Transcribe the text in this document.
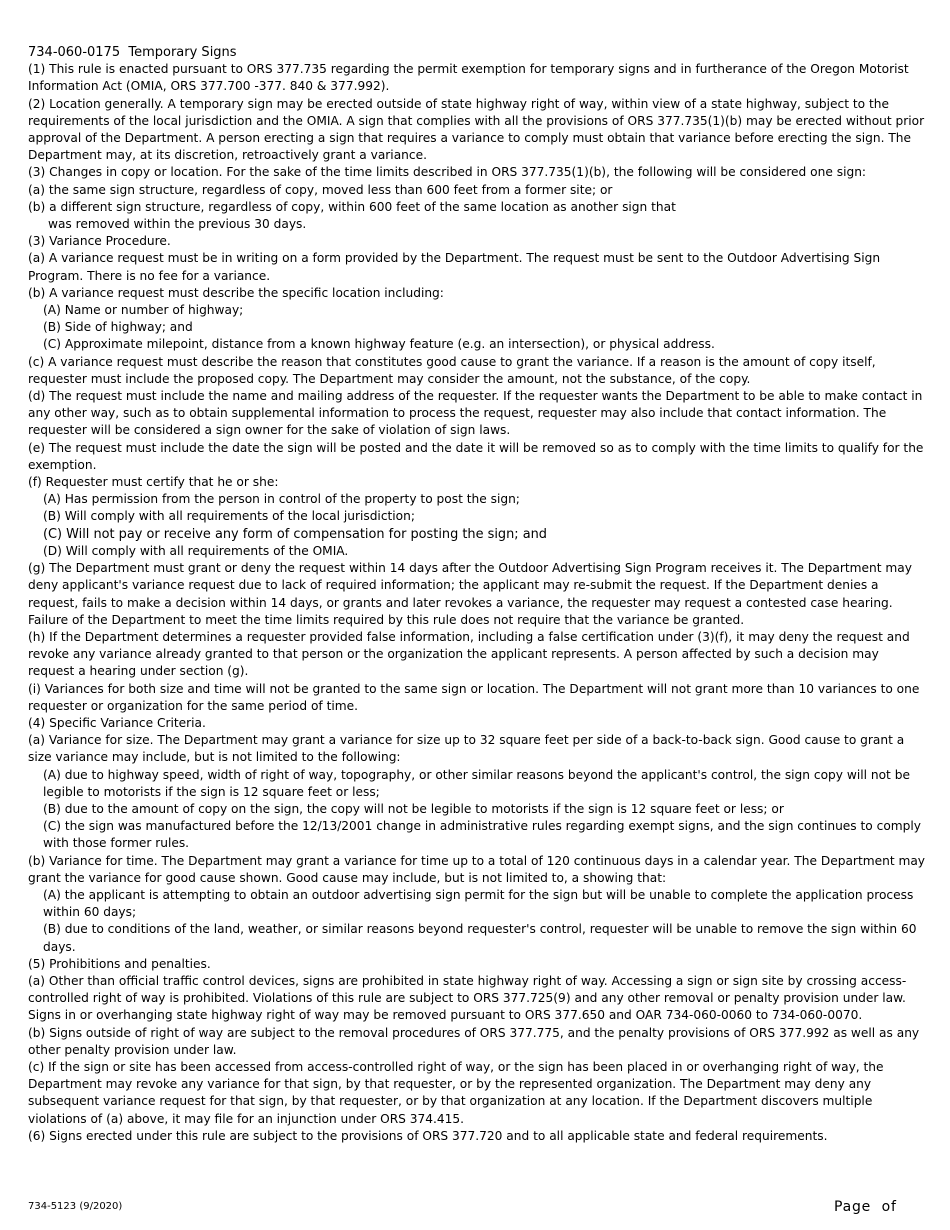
734-060-0175  Temporary Signs

(1) This rule is enacted pursuant to ORS 377.735 regarding the permit exemption for temporary signs and in furtherance of the Oregon Motorist Information Act (OMIA, ORS 377.700 -377. 840 & 377.992).

(2) Location generally. A temporary sign may be erected outside of state highway right of way, within view of a state highway, subject to the requirements of the local jurisdiction and the OMIA. A sign that complies with all the provisions of ORS 377.735(1)(b) may be erected without prior approval of the Department. A person erecting a sign that requires a variance to comply must obtain that variance before erecting the sign. The Department may, at its discretion, retroactively grant a variance.

(3) Changes in copy or location. For the sake of the time limits described in ORS 377.735(1)(b), the following will be considered one sign:

(a) the same sign structure, regardless of copy, moved less than 600 feet from a former site; or

(b) a different sign structure, regardless of copy, within 600 feet of the same location as another sign that

was removed within the previous 30 days.

(3) Variance Procedure.

(a) A variance request must be in writing on a form provided by the Department. The request must be sent to the Outdoor Advertising Sign Program. There is no fee for a variance.

(b) A variance request must describe the specific location including:

(A) Name or number of highway;

(B) Side of highway; and

(C) Approximate milepoint, distance from a known highway feature (e.g. an intersection), or physical address.

(c) A variance request must describe the reason that constitutes good cause to grant the variance. If a reason is the amount of copy itself, requester must include the proposed copy. The Department may consider the amount, not the substance, of the copy.

(d) The request must include the name and mailing address of the requester. If the requester wants the Department to be able to make contact in any other way, such as to obtain supplemental information to process the request, requester may also include that contact information. The requester will be considered a sign owner for the sake of violation of sign laws.

(e) The request must include the date the sign will be posted and the date it will be removed so as to comply with the time limits to qualify for the exemption.

(f) Requester must certify that he or she:

(A) Has permission from the person in control of the property to post the sign;

(B) Will comply with all requirements of the local jurisdiction;

(C) Will not pay or receive any form of compensation for posting the sign; and

(D) Will comply with all requirements of the OMIA.

(g) The Department must grant or deny the request within 14 days after the Outdoor Advertising Sign Program receives it. The Department may deny applicant's variance request due to lack of required information; the applicant may re-submit the request. If the Department denies a request, fails to make a decision within 14 days, or grants and later revokes a variance, the requester may request a contested case hearing. Failure of the Department to meet the time limits required by this rule does not require that the variance be granted.

(h) If the Department determines a requester provided false information, including a false certification under (3)(f), it may deny the request and revoke any variance already granted to that person or the organization the applicant represents. A person affected by such a decision may request a hearing under section (g).

(i) Variances for both size and time will not be granted to the same sign or location. The Department will not grant more than 10 variances to one requester or organization for the same period of time.

(4) Specific Variance Criteria.

(a) Variance for size. The Department may grant a variance for size up to 32 square feet per side of a back-to-back sign. Good cause to grant a size variance may include, but is not limited to the following:

(A) due to highway speed, width of right of way, topography, or other similar reasons beyond the applicant's control, the sign copy will not be legible to motorists if the sign is 12 square feet or less;

(B) due to the amount of copy on the sign, the copy will not be legible to motorists if the sign is 12 square feet or less; or

(C) the sign was manufactured before the 12/13/2001 change in administrative rules regarding exempt signs, and the sign continues to comply with those former rules.

(b) Variance for time. The Department may grant a variance for time up to a total of 120 continuous days in a calendar year. The Department may grant the variance for good cause shown. Good cause may include, but is not limited to, a showing that:

(A) the applicant is attempting to obtain an outdoor advertising sign permit for the sign but will be unable to complete the application process within 60 days;

(B) due to conditions of the land, weather, or similar reasons beyond requester's control, requester will be unable to remove the sign within 60 days.

(5) Prohibitions and penalties.

(a) Other than official traffic control devices, signs are prohibited in state highway right of way. Accessing a sign or sign site by crossing access-controlled right of way is prohibited. Violations of this rule are subject to ORS 377.725(9) and any other removal or penalty provision under law. Signs in or overhanging state highway right of way may be removed pursuant to ORS 377.650 and OAR 734-060-0060 to 734-060-0070.

(b) Signs outside of right of way are subject to the removal procedures of ORS 377.775, and the penalty provisions of ORS 377.992 as well as any other penalty provision under law.

(c) If the sign or site has been accessed from access-controlled right of way, or the sign has been placed in or overhanging right of way, the Department may revoke any variance for that sign, by that requester, or by the represented organization. The Department may deny any subsequent variance request for that sign, by that requester, or by that organization at any location. If the Department discovers multiple violations of (a) above, it may file for an injunction under ORS 374.415.

(6) Signs erected under this rule are subject to the provisions of ORS 377.720 and to all applicable state and federal requirements.

734-5123 (9/2020)	Page  of
